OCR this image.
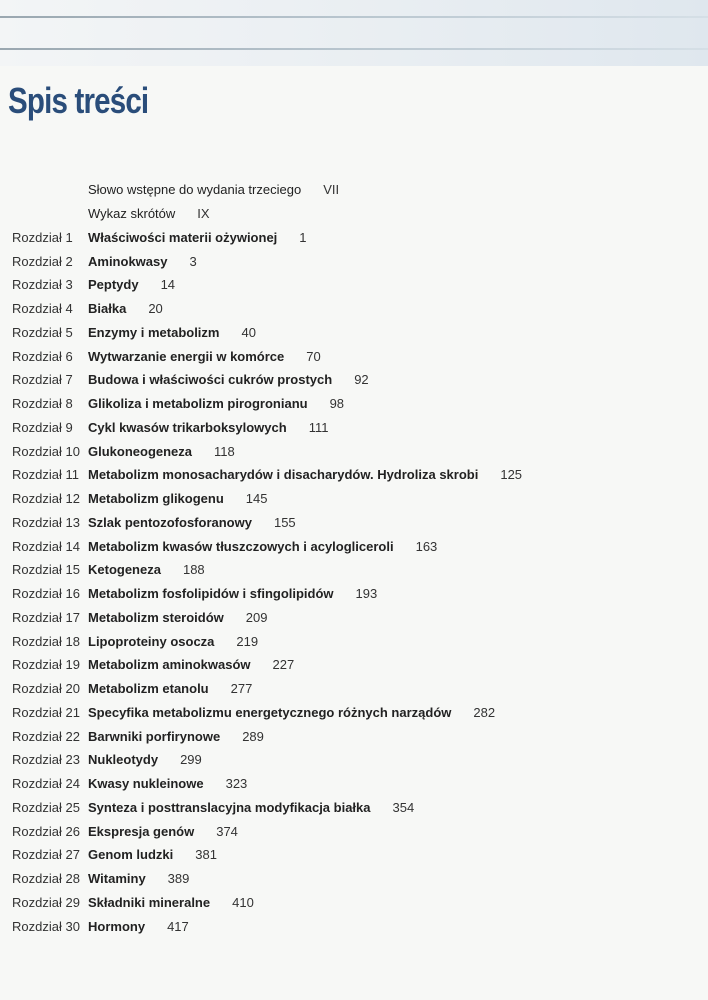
Spis treści
Słowo wstępne do wydania trzeciego VII
Wykaz skrótów IX
Rozdział 1	Właściwości materii ożywionej 1
Rozdział 2	Aminokwasy 3
Rozdział 3	Peptydy 14
Rozdział 4	Białka 20
Rozdział 5	Enzymy i metabolizm 40
Rozdział 6	Wytwarzanie energii w komórce 70
Rozdział 7	Budowa i właściwości cukrów prostych 92
Rozdział 8	Glikoliza i metabolizm pirogronianu 98
Rozdział 9	Cykl kwasów trikarboksylowych 111
Rozdział 10 Glukoneogeneza 118
Rozdział 11 Metabolizm monosacharydów i disacharydów. Hydroliza skrobi 125
Rozdział 12 Metabolizm glikogenu 145
Rozdział 13 Szlak pentozofosforanowy 155
Rozdział 14 Metabolizm kwasów tłuszczowych i acylogliceroli 163
Rozdział 15 Ketogeneza 188
Rozdział 16 Metabolizm fosfolipidów i sfingolipidów 193
Rozdział 17 Metabolizm steroidów 209
Rozdział 18 Lipoproteiny osocza 219
Rozdział 19 Metabolizm aminokwasów 227
Rozdział 20 Metabolizm etanolu 277
Rozdział 21 Specyfika metabolizmu energetycznego różnych narządów 282
Rozdział 22 Barwniki porfirynowe 289
Rozdział 23 Nukleotydy 299
Rozdział 24 Kwasy nukleinowe 323
Rozdział 25 Synteza i posttranslacyjna modyfikacja białka 354
Rozdział 26 Ekspresja genów 374
Rozdział 27 Genom ludzki 381
Rozdział 28 Witaminy 389
Rozdział 29 Składniki mineralne 410
Rozdział 30 Hormony 417
